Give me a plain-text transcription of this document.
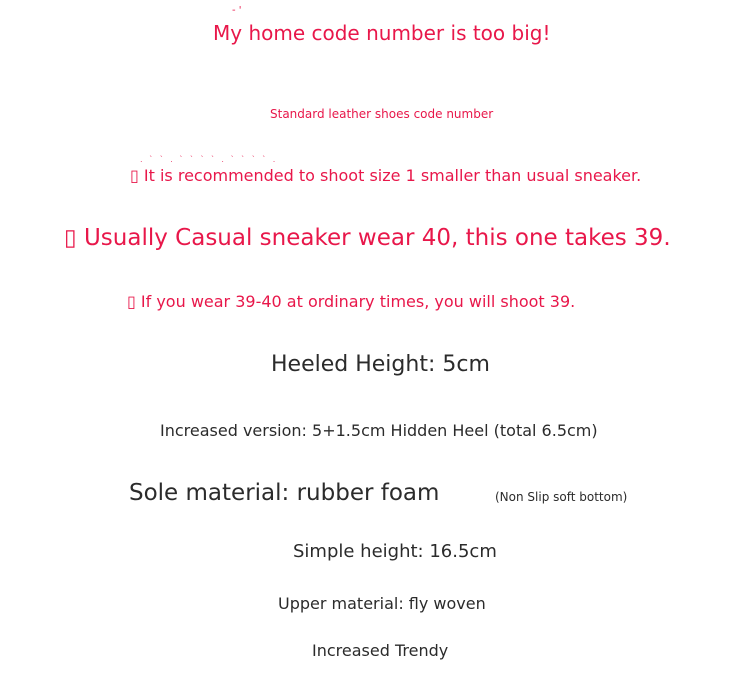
- '
My home code number is too big!
Standard leather shoes code number
. ` ` . ` ` ` ` . ` ` ` ` .
▯ It is recommended to shoot size 1 smaller than usual sneaker.
▯ Usually Casual sneaker wear 40, this one takes 39.
▯ If you wear 39-40 at ordinary times, you will shoot 39.
Heeled Height: 5cm
Increased version: 5+1.5cm Hidden Heel (total 6.5cm)
Sole material: rubber foam	(Non Slip soft bottom)
Simple height: 16.5cm
Upper material: fly woven
Increased Trendy
